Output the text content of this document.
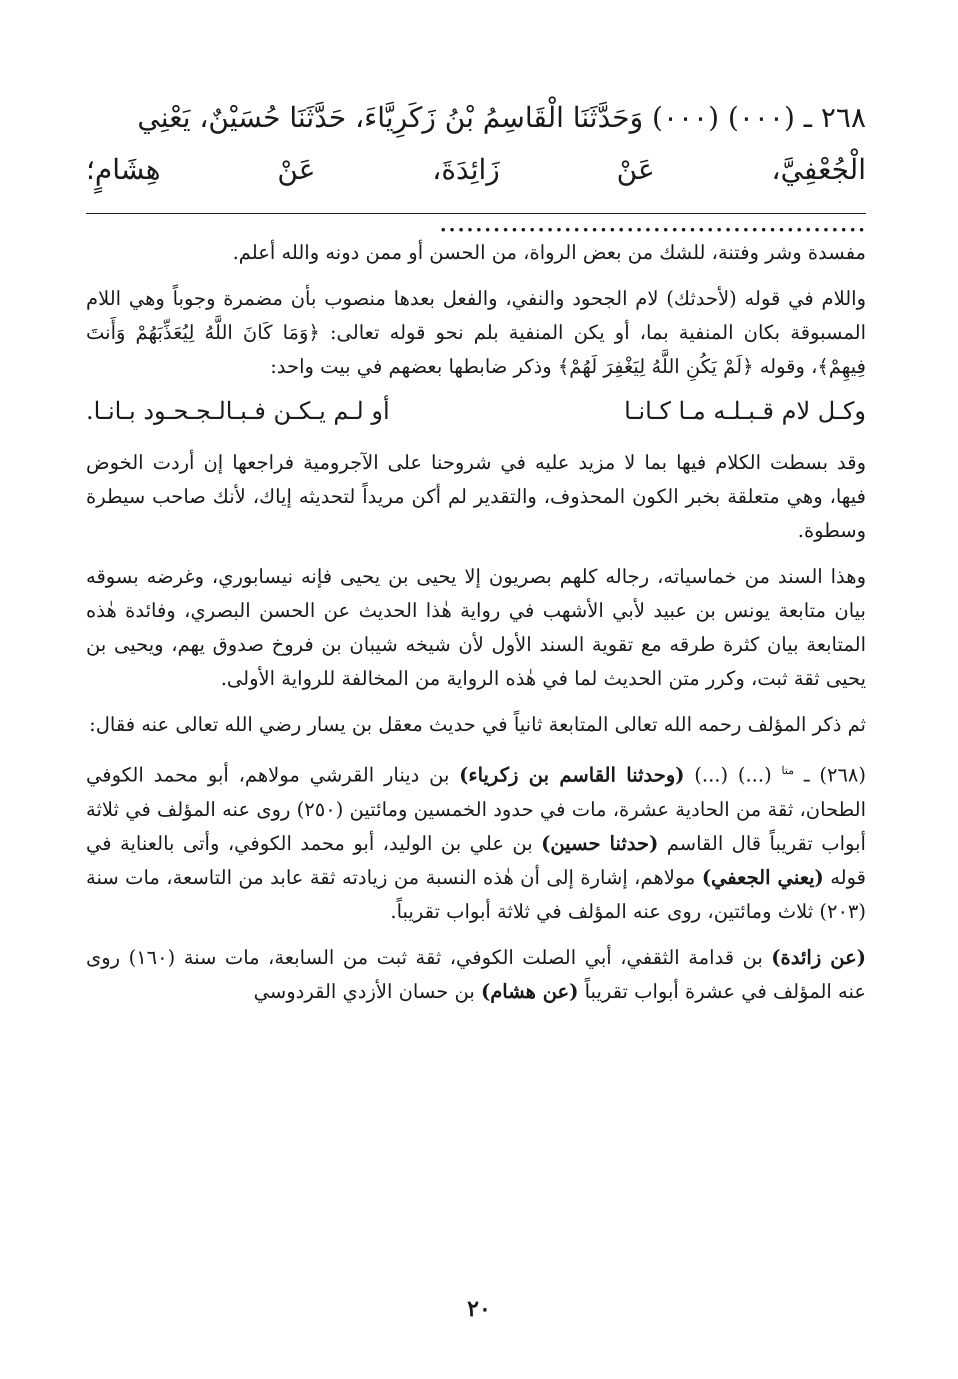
٢٦٨ ـ (٠٠٠) (٠٠٠) وَحَدَّثَنَا الْقَاسِمُ بْنُ زَكَرِيَّاءَ، حَدَّثَنَا حُسَيْنٌ، يَعْنِي

الْجُعْفِيَّ، عَنْ زَائِدَةَ، عَنْ هِشَامٍ؛ ................................................

مفسدة وشر وفتنة، للشك من بعض الرواة، من الحسن أو ممن دونه والله أعلم.

واللام في قوله (لأحدثك) لام الجحود والنفي، والفعل بعدها منصوب بأن مضمرة وجوباً وهي اللام المسبوقة بكان المنفية بما، أو يكن المنفية بلم نحو قوله تعالى: ﴿وَمَا كَانَ اللَّهُ لِيُعَذِّبَهُمْ وَأَنتَ فِيهِمْ﴾، وقوله ﴿لَمْ يَكُنِ اللَّهُ لِيَغْفِرَ لَهُمْ﴾ وذكر ضابطها بعضهم في بيت واحد:

وكـل لام قـبـلـه مـا كـانـا
أو لـم يـكـن فـبـالـجـحـود بـانـا.

وقد بسطت الكلام فيها بما لا مزيد عليه في شروحنا على الآجرومية فراجعها إن أردت الخوض فيها، وهي متعلقة بخبر الكون المحذوف، والتقدير لم أكن مريداً لتحديثه إياك، لأنك صاحب سيطرة وسطوة.

وهذا السند من خماسياته، رجاله كلهم بصريون إلا يحيى بن يحيى فإنه نيسابوري، وغرضه بسوقه بيان متابعة يونس بن عبيد لأبي الأشهب في رواية هٰذا الحديث عن الحسن البصري، وفائدة هٰذه المتابعة بيان كثرة طرقه مع تقوية السند الأول لأن شيخه شيبان بن فروخ صدوق يهم، ويحيى بن يحيى ثقة ثبت، وكرر متن الحديث لما في هٰذه الرواية من المخالفة للرواية الأولى.

ثم ذكر المؤلف رحمه الله تعالى المتابعة ثانياً في حديث معقل بن يسار رضي الله تعالى عنه فقال:

(٢٦٨) ـ $^{متا}$ (...) (...) (وحدثنا القاسم بن زكرياء) بن دينار القرشي مولاهم، أبو محمد الكوفي الطحان، ثقة من الحادية عشرة، مات في حدود الخمسين ومائتين (٢٥٠) روى عنه المؤلف في ثلاثة أبواب تقريباً قال القاسم (حدثنا حسين) بن علي بن الوليد، أبو محمد الكوفي، وأتى بالعناية في قوله (يعني الجعفي) مولاهم، إشارة إلى أن هٰذه النسبة من زيادته ثقة عابد من التاسعة، مات سنة (٢٠٣) ثلاث ومائتين، روى عنه المؤلف في ثلاثة أبواب تقريباً.

(عن زائدة) بن قدامة الثقفي، أبي الصلت الكوفي، ثقة ثبت من السابعة، مات سنة (١٦٠) روى عنه المؤلف في عشرة أبواب تقريباً (عن هشام) بن حسان الأزدي القردوسي

٢٠
